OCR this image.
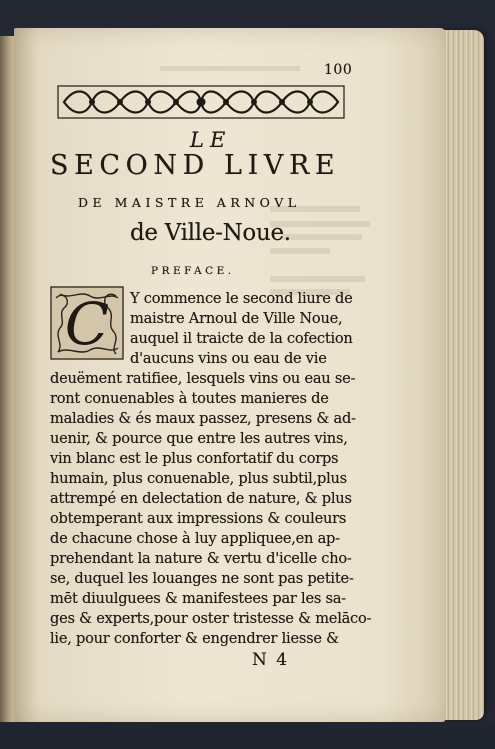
100
LE
SECOND LIVRE
DE MAISTRE ARNOVL
de Ville-Noue.
PREFACE.
C Y commence le second liure de
maistre Arnoul de Ville Noue,
auquel il traicte de la cofection
d'aucuns vins ou eau de vie
deuëment ratifiee, lesquels vins ou eau se-
ront conuenables à toutes manieres de
maladies & és maux passez, presens & ad-
uenir, & pource que entre les autres vins,
vin blanc est le plus confortatif du corps
humain, plus conuenable, plus subtil,plus
attrempé en delectation de nature, & plus
obtemperant aux impressions & couleurs
de chacune chose à luy appliquee,en ap-
prehendant la nature & vertu d'icelle cho-
se, duquel les louanges ne sont pas petite-
mēt diuulguees & manifestees par les sa-
ges & experts,pour oster tristesse & melāco-
lie, pour conforter & engendrer liesse &
N 4
